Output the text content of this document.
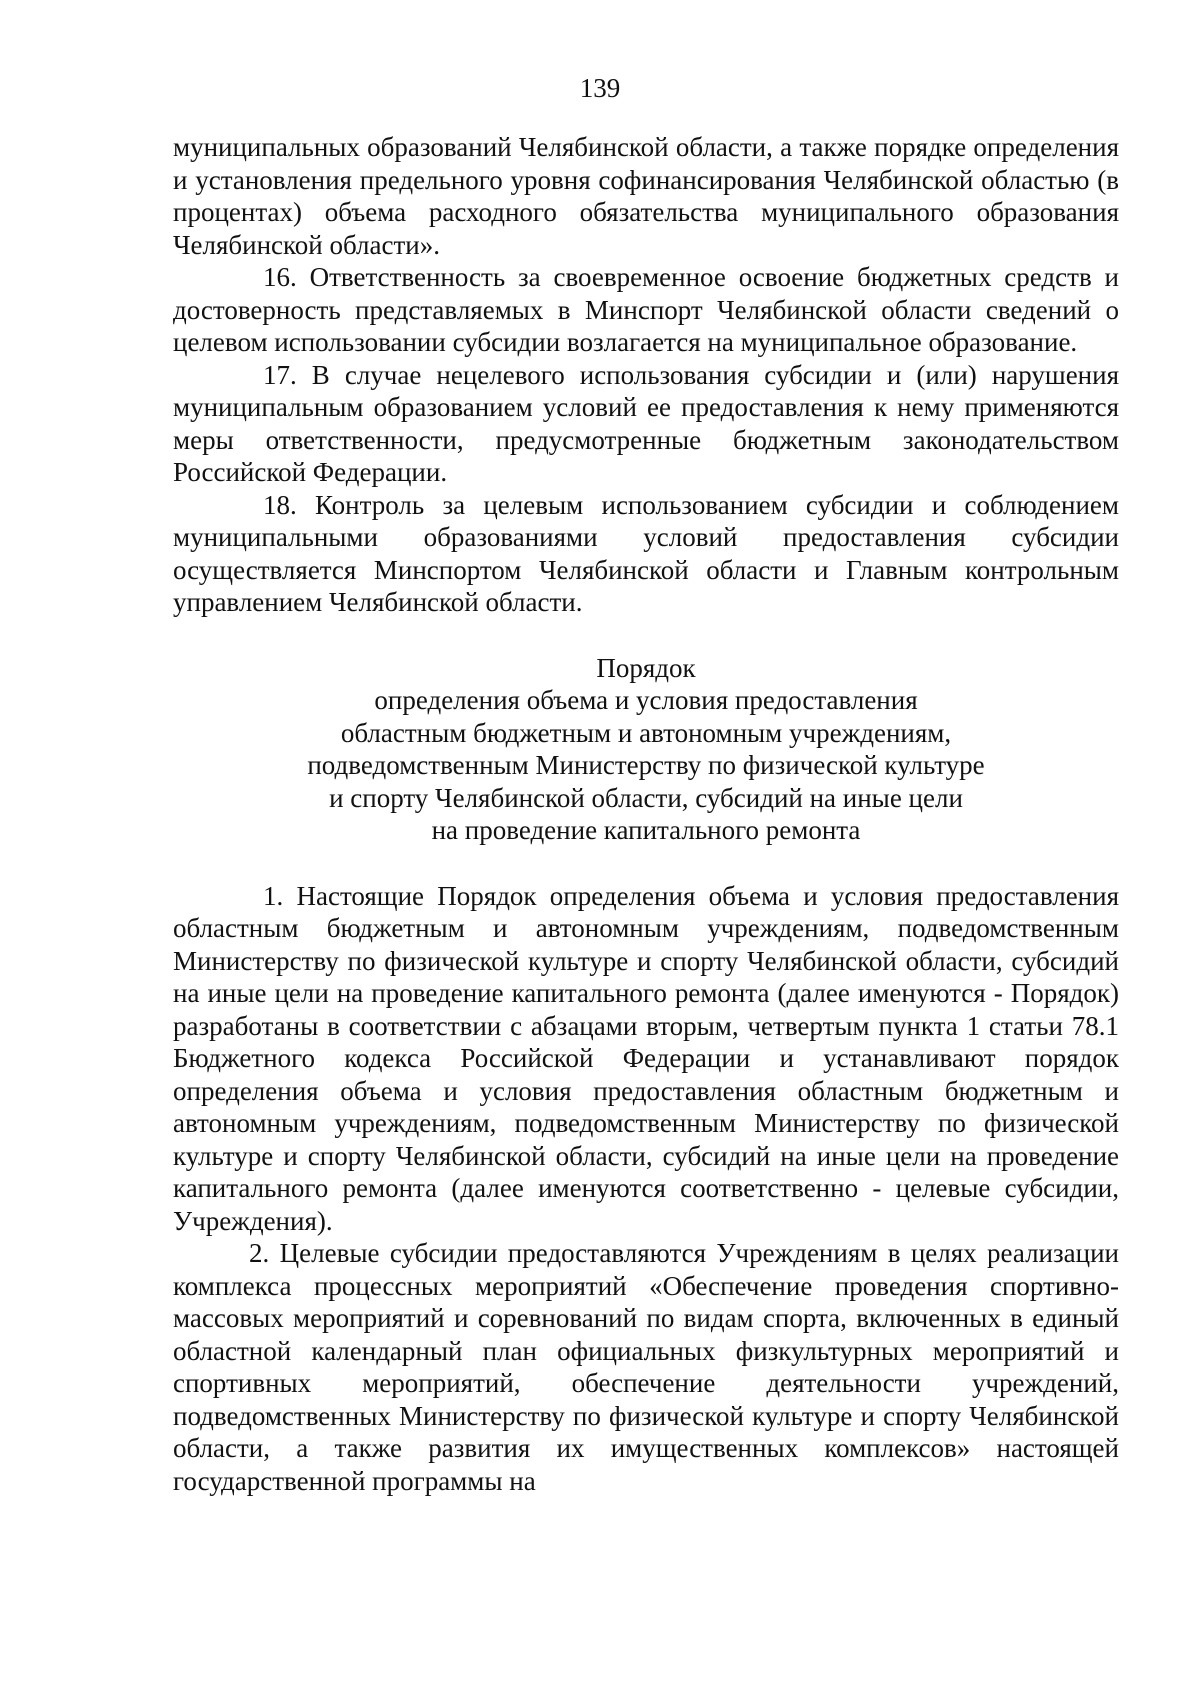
139

муниципальных образований Челябинской области, а также порядке определения и установления предельного уровня софинансирования Челябинской областью (в процентах) объема расходного обязательства муниципального образования Челябинской области».

16. Ответственность за своевременное освоение бюджетных средств и достоверность представляемых в Минспорт Челябинской области сведений о целевом использовании субсидии возлагается на муниципальное образование.

17. В случае нецелевого использования субсидии и (или) нарушения муниципальным образованием условий ее предоставления к нему применяются меры ответственности, предусмотренные бюджетным законодательством Российской Федерации.

18. Контроль за целевым использованием субсидии и соблюдением муниципальными образованиями условий предоставления субсидии осуществляется Минспортом Челябинской области и Главным контрольным управлением Челябинской области.

Порядок
определения объема и условия предоставления
областным бюджетным и автономным учреждениям,
подведомственным Министерству по физической культуре
и спорту Челябинской области, субсидий на иные цели
на проведение капитального ремонта

1. Настоящие Порядок определения объема и условия предоставления областным бюджетным и автономным учреждениям, подведомственным Министерству по физической культуре и спорту Челябинской области, субсидий на иные цели на проведение капитального ремонта (далее именуются - Порядок) разработаны в соответствии с абзацами вторым, четвертым пункта 1 статьи 78.1 Бюджетного кодекса Российской Федерации и устанавливают порядок определения объема и условия предоставления областным бюджетным и автономным учреждениям, подведомственным Министерству по физической культуре и спорту Челябинской области, субсидий на иные цели на проведение капитального ремонта (далее именуются соответственно - целевые субсидии, Учреждения).

2. Целевые субсидии предоставляются Учреждениям в целях реализации комплекса процессных мероприятий «Обеспечение проведения спортивно-массовых мероприятий и соревнований по видам спорта, включенных в единый областной календарный план официальных физкультурных мероприятий и спортивных мероприятий, обеспечение деятельности учреждений, подведомственных Министерству по физической культуре и спорту Челябинской области, а также развития их имущественных комплексов» настоящей государственной программы на
